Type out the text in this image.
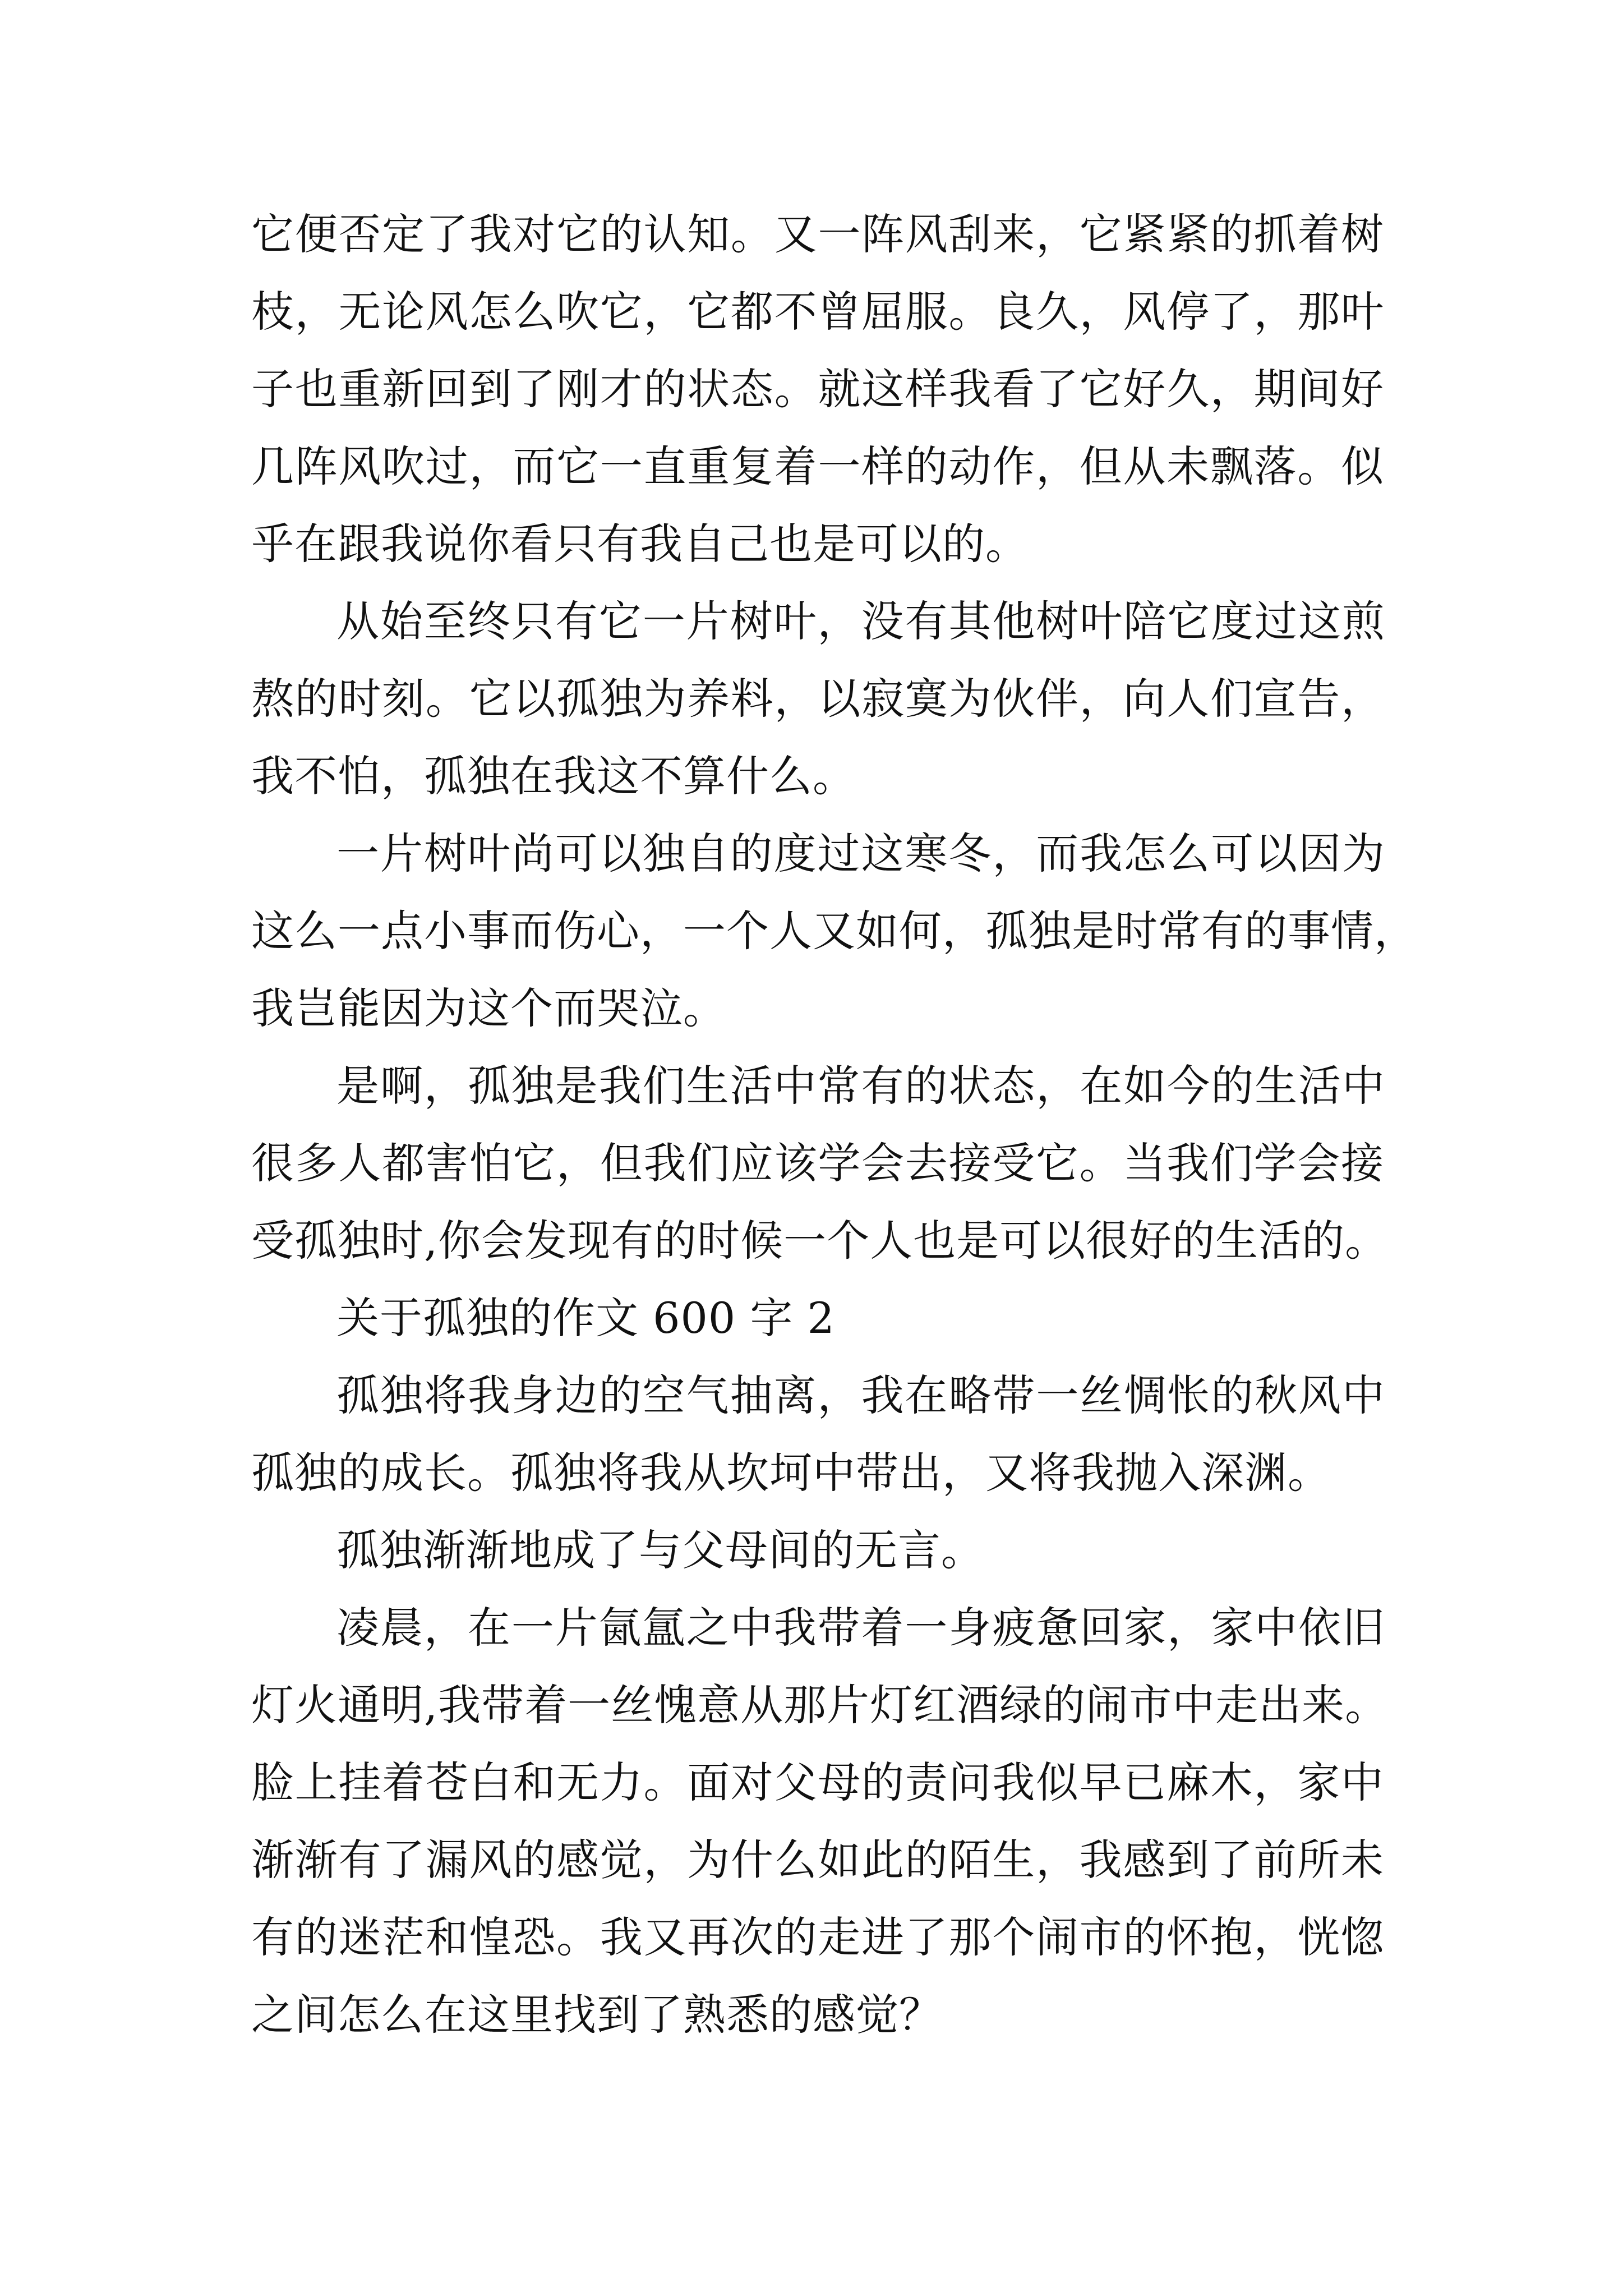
它便否定了我对它的认知。又一阵风刮来，它紧紧的抓着树
枝，无论风怎么吹它，它都不曾屈服。良久，风停了，那叶
子也重新回到了刚才的状态。就这样我看了它好久，期间好
几阵风吹过，而它一直重复着一样的动作，但从未飘落。似
乎在跟我说你看只有我自己也是可以的。
从始至终只有它一片树叶，没有其他树叶陪它度过这煎
熬的时刻。它以孤独为养料，以寂寞为伙伴，向人们宣告，
我不怕，孤独在我这不算什么。
一片树叶尚可以独自的度过这寒冬，而我怎么可以因为
这么一点小事而伤心，一个人又如何，孤独是时常有的事情，
我岂能因为这个而哭泣。
是啊，孤独是我们生活中常有的状态，在如今的生活中
很多人都害怕它，但我们应该学会去接受它。当我们学会接
受孤独时,你会发现有的时候一个人也是可以很好的生活的。
关于孤独的作文 600 字 2
孤独将我身边的空气抽离，我在略带一丝惆怅的秋风中
孤独的成长。孤独将我从坎坷中带出，又将我抛入深渊。
孤独渐渐地成了与父母间的无言。
凌晨，在一片氤氲之中我带着一身疲惫回家，家中依旧
灯火通明,我带着一丝愧意从那片灯红酒绿的闹市中走出来。
脸上挂着苍白和无力。面对父母的责问我似早已麻木，家中
渐渐有了漏风的感觉，为什么如此的陌生，我感到了前所未
有的迷茫和惶恐。我又再次的走进了那个闹市的怀抱，恍惚
之间怎么在这里找到了熟悉的感觉？
